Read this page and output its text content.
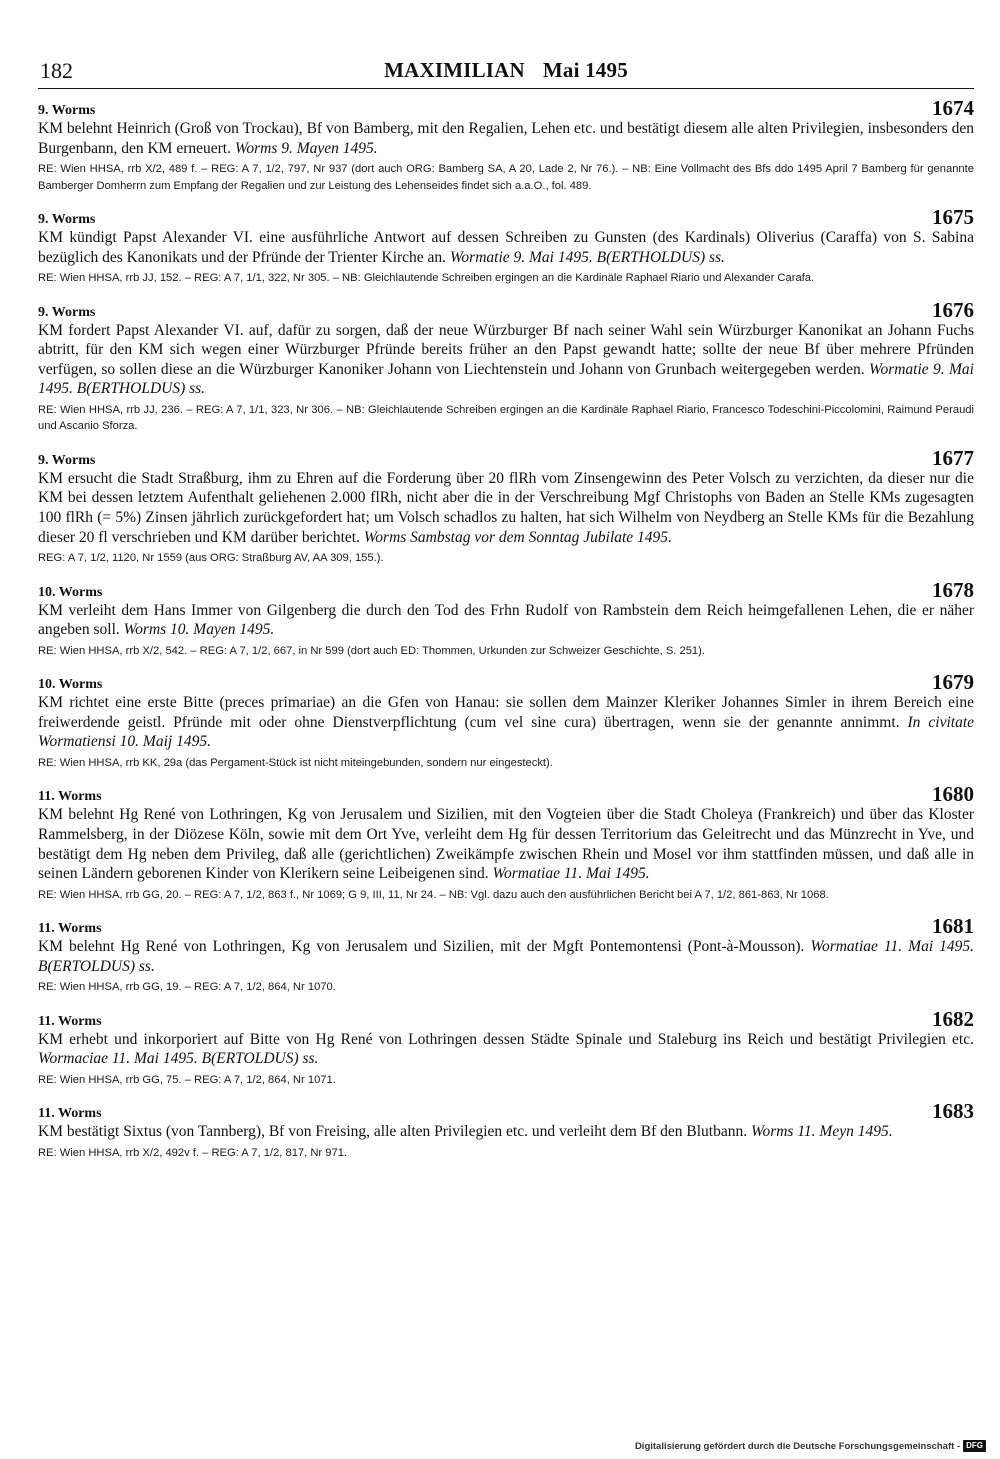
182	MAXIMILIAN Mai 1495
9. Worms	1674

KM belehnt Heinrich (Groß von Trockau), Bf von Bamberg, mit den Regalien, Lehen etc. und bestätigt diesem alle alten Privilegien, insbesonders den Burgenbann, den KM erneuert. Worms 9. Mayen 1495.

RE: Wien HHSA, rrb X/2, 489 f. – REG: A 7, 1/2, 797, Nr 937 (dort auch ORG: Bamberg SA, A 20, Lade 2, Nr 76.). – NB: Eine Vollmacht des Bfs ddo 1495 April 7 Bamberg für genannte Bamberger Domherrn zum Empfang der Regalien und zur Leistung des Lehenseides findet sich a.a.O., fol. 489.

9. Worms	1675

KM kündigt Papst Alexander VI. eine ausführliche Antwort auf dessen Schreiben zu Gunsten (des Kardinals) Oliverius (Caraffa) von S. Sabina bezüglich des Kanonikats und der Pfründe der Trienter Kirche an. Wormatie 9. Mai 1495. B(ERTHOLDUS) ss.

RE: Wien HHSA, rrb JJ, 152. – REG: A 7, 1/1, 322, Nr 305. – NB: Gleichlautende Schreiben ergingen an die Kardinäle Raphael Riario und Alexander Carafa.

9. Worms	1676

KM fordert Papst Alexander VI. auf, dafür zu sorgen, daß der neue Würzburger Bf nach seiner Wahl sein Würzburger Kanonikat an Johann Fuchs abtritt, für den KM sich wegen einer Würzburger Pfründe bereits früher an den Papst gewandt hatte; sollte der neue Bf über mehrere Pfründen verfügen, so sollen diese an die Würzburger Kanoniker Johann von Liechtenstein und Johann von Grunbach weitergegeben werden. Wormatie 9. Mai 1495. B(ERTHOLDUS) ss.

RE: Wien HHSA, rrb JJ, 236. – REG: A 7, 1/1, 323, Nr 306. – NB: Gleichlautende Schreiben ergingen an die Kardinäle Raphael Riario, Francesco Todeschini-Piccolomini, Raimund Peraudi und Ascanio Sforza.

9. Worms	1677

KM ersucht die Stadt Straßburg, ihm zu Ehren auf die Forderung über 20 flRh vom Zinsengewinn des Peter Volsch zu verzichten, da dieser nur die KM bei dessen letztem Aufenthalt geliehenen 2.000 flRh, nicht aber die in der Verschreibung Mgf Christophs von Baden an Stelle KMs zugesagten 100 flRh (= 5%) Zinsen jährlich zurückgefordert hat; um Volsch schadlos zu halten, hat sich Wilhelm von Neydberg an Stelle KMs für die Bezahlung dieser 20 fl verschrieben und KM darüber berichtet. Worms Sambstag vor dem Sonntag Jubilate 1495.

REG: A 7, 1/2, 1120, Nr 1559 (aus ORG: Straßburg AV, AA 309, 155.).

10. Worms	1678

KM verleiht dem Hans Immer von Gilgenberg die durch den Tod des Frhn Rudolf von Rambstein dem Reich heimgefallenen Lehen, die er näher angeben soll. Worms 10. Mayen 1495.

RE: Wien HHSA, rrb X/2, 542. – REG: A 7, 1/2, 667, in Nr 599 (dort auch ED: Thommen, Urkunden zur Schweizer Geschichte, S. 251).

10. Worms	1679

KM richtet eine erste Bitte (preces primariae) an die Gfen von Hanau: sie sollen dem Mainzer Kleriker Johannes Simler in ihrem Bereich eine freiwerdende geistl. Pfründe mit oder ohne Dienstverpflichtung (cum vel sine cura) übertragen, wenn sie der genannte annimmt. In civitate Wormatiensi 10. Maij 1495.

RE: Wien HHSA, rrb KK, 29a (das Pergament-Stück ist nicht miteingebunden, sondern nur eingesteckt).

11. Worms	1680

KM belehnt Hg René von Lothringen, Kg von Jerusalem und Sizilien, mit den Vogteien über die Stadt Choleya (Frankreich) und über das Kloster Rammelsberg, in der Diözese Köln, sowie mit dem Ort Yve, verleiht dem Hg für dessen Territorium das Geleitrecht und das Münzrecht in Yve, und bestätigt dem Hg neben dem Privileg, daß alle (gerichtlichen) Zweikämpfe zwischen Rhein und Mosel vor ihm stattfinden müssen, und daß alle in seinen Ländern geborenen Kinder von Klerikern seine Leibeigenen sind. Wormatiae 11. Mai 1495.

RE: Wien HHSA, rrb GG, 20. – REG: A 7, 1/2, 863 f., Nr 1069; G 9, III, 11, Nr 24. – NB: Vgl. dazu auch den ausführlichen Bericht bei A 7, 1/2, 861-863, Nr 1068.

11. Worms	1681

KM belehnt Hg René von Lothringen, Kg von Jerusalem und Sizilien, mit der Mgft Pontemontensi (Pont-à-Mousson). Wormatiae 11. Mai 1495. B(ERTOLDUS) ss.

RE: Wien HHSA, rrb GG, 19. – REG: A 7, 1/2, 864, Nr 1070.

11. Worms	1682

KM erhebt und inkorporiert auf Bitte von Hg René von Lothringen dessen Städte Spinale und Staleburg ins Reich und bestätigt Privilegien etc. Wormaciae 11. Mai 1495. B(ERTOLDUS) ss.

RE: Wien HHSA, rrb GG, 75. – REG: A 7, 1/2, 864, Nr 1071.

11. Worms	1683

KM bestätigt Sixtus (von Tannberg), Bf von Freising, alle alten Privilegien etc. und verleiht dem Bf den Blutbann. Worms 11. Meyn 1495.

RE: Wien HHSA, rrb X/2, 492v f. – REG: A 7, 1/2, 817, Nr 971.

Digitalisierung gefördert durch die Deutsche Forschungsgemeinschaft - DFG
